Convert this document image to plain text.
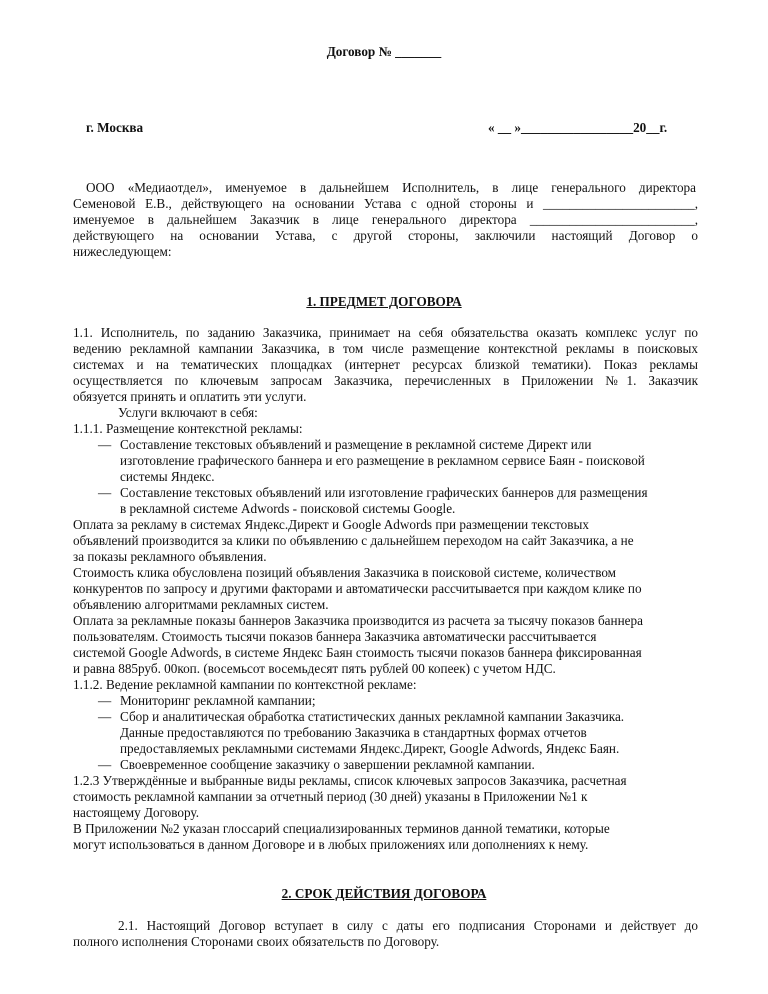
Договор № _______
г. Москва	« __ »_________________20__г.
ООО «Медиаотдел», именуемое в дальнейшем Исполнитель, в лице генерального директора
Семеновой Е.В., действующего на основании Устава с одной стороны и _______________________,
именуемое в дальнейшем Заказчик в лице генерального директора _________________________,
действующего на основании Устава, с другой стороны, заключили настоящий Договор о
нижеследующем:
1. ПРЕДМЕТ ДОГОВОРА
1.1. Исполнитель, по заданию Заказчика, принимает на себя обязательства оказать комплекс услуг по
ведению рекламной кампании Заказчика, в том числе размещение контекстной рекламы в поисковых
системах и на тематических площадках (интернет ресурсах близкой тематики). Показ рекламы
осуществляется по ключевым запросам Заказчика, перечисленных в Приложении №1. Заказчик
обязуется принять и оплатить эти услуги.
Услуги включают в себя:
1.1.1. Размещение контекстной рекламы:
— Составление текстовых объявлений и размещение в рекламной системе Директ или
изготовление графического баннера и его размещение в рекламном сервисе Баян - поисковой
системы Яндекс.
— Составление текстовых объявлений или изготовление графических баннеров для размещения
в рекламной системе Adwords - поисковой системы Google.
Оплата за рекламу в системах Яндекс.Директ и Google Adwords при размещении текстовых
объявлений производится за клики по объявлению с дальнейшем переходом на сайт Заказчика, а не
за показы рекламного объявления.
Стоимость клика обусловлена позиций объявления Заказчика в поисковой системе, количеством
конкурентов по запросу и другими факторами и автоматически рассчитывается при каждом клике по
объявлению алгоритмами рекламных систем.
Оплата за рекламные показы баннеров Заказчика производится из расчета за тысячу показов баннера
пользователям. Стоимость тысячи показов баннера Заказчика автоматически рассчитывается
системой Google Adwords, в системе Яндекс Баян стоимость тысячи показов баннера фиксированная
и равна 885руб. 00коп. (восемьсот восемьдесят пять рублей 00 копеек) с учетом НДС.
1.1.2. Ведение рекламной кампании по контекстной рекламе:
— Мониторинг рекламной кампании;
— Сбор и аналитическая обработка статистических данных рекламной кампании Заказчика.
Данные предоставляются по требованию Заказчика в стандартных формах отчетов
предоставляемых рекламными системами Яндекс.Директ, Google Adwords, Яндекс Баян.
— Своевременное сообщение заказчику о завершении рекламной кампании.
1.2.3 Утверждённые и выбранные виды рекламы, список ключевых запросов Заказчика, расчетная
стоимость рекламной кампании за отчетный период (30 дней) указаны в Приложении №1 к
настоящему Договору.
В Приложении №2 указан глоссарий специализированных терминов данной тематики, которые
могут использоваться в данном Договоре и в любых приложениях или дополнениях к нему.
2. СРОК ДЕЙСТВИЯ ДОГОВОРА
2.1. Настоящий Договор вступает в силу с даты его подписания Сторонами и действует до
полного исполнения Сторонами своих обязательств по Договору.
